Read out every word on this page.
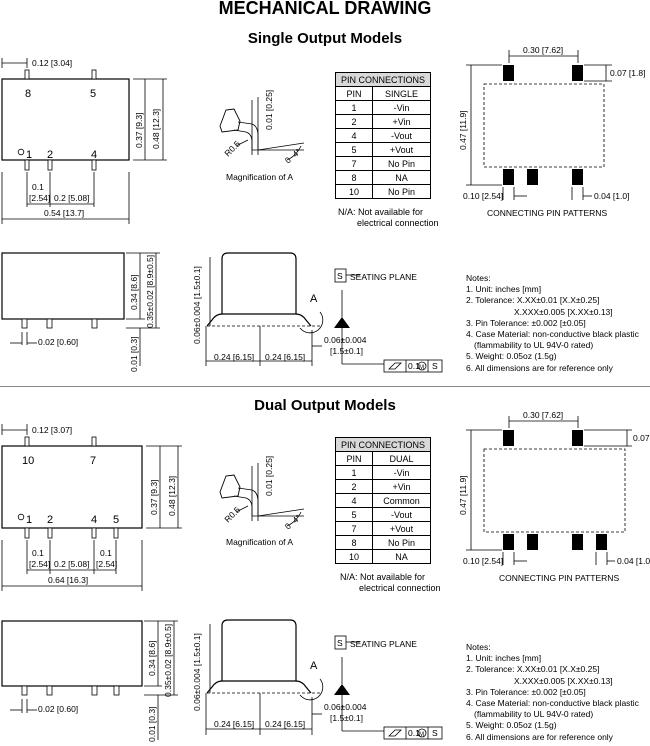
MECHANICAL DRAWING
Single Output Models
Dual Output Models
0.12 [3.04]
8	5
1 2	4
0.37 [9.3] 0.48 [12.3]
0.1
[2.54] 0.2 [5.08]
0.54 [13.7]
0.34 [8.6] 0.35±0.02 [8.9±0.5]
0.02 [0.60]	0.01 [0.3]
0.01 [0.25]
R0.5	0~4°
Magnification of A
0.30 [7.62]
0.07 [1.8]
0.47 [11.9]
0.10 [2.54]	0.04 [1.0]
CONNECTING PIN PATTERNS
0.06±0.004 [1.5±0.1]	A
S SEATING PLANE
0.24 [6.15] 0.24 [6.15]
0.06±0.004
[1.5±0.1]
0.1 M S
0.12 [3.07]
10	7
1 2	4 5
0.37 [9.3] 0.48 [12.3]
0.1
[2.54] 0.2 [5.08]
0.1
[2.54]
0.64 [16.3]
0.34 [8.6] 0.35±0.02 [8.9±0.5]
0.02 [0.60]	0.01 [0.3]
0.01 [0.25]
R0.5	0~4°
Magnification of A
0.30 [7.62]
0.07
0.47 [11.9]
0.10 [2.54]	0.04 [1.0
CONNECTING PIN PATTERNS
0.06±0.004 [1.5±0.1]	A
S SEATING PLANE
0.24 [6.15] 0.24 [6.15]
0.06±0.004
[1.5±0.1]
0.1 M S
PIN CONNECTIONS	
PIN	SINGLE
1	-Vin
2	+Vin
4	-Vout
5	+Vout
7	No Pin
8	NA
10	No Pin
N/A: Not available for
electrical connection
Notes:
1. Unit: inches [mm]
2. Tolerance: X.XX±0.01 [X.X±0.25]
X.XXX±0.005 [X.XX±0.13]
3. Pin Tolerance: ±0.002 [±0.05]
4. Case Material: non-conductive black plastic
(flammability to UL 94V-0 rated)
5. Weight: 0.05oz (1.5g)
6. All dimensions are for reference only
PIN CONNECTIONS	
PIN	DUAL
1	-Vin
2	+Vin
4	Common
5	-Vout
7	+Vout
8	No Pin
10	NA
N/A: Not available for
electrical connection
Notes:
1. Unit: inches [mm]
2. Tolerance: X.XX±0.01 [X.X±0.25]
X.XXX±0.005 [X.XX±0.13]
3. Pin Tolerance: ±0.002 [±0.05]
4. Case Material: non-conductive black plastic
(flammability to UL 94V-0 rated)
5. Weight: 0.05oz (1.5g)
6. All dimensions are for reference only
